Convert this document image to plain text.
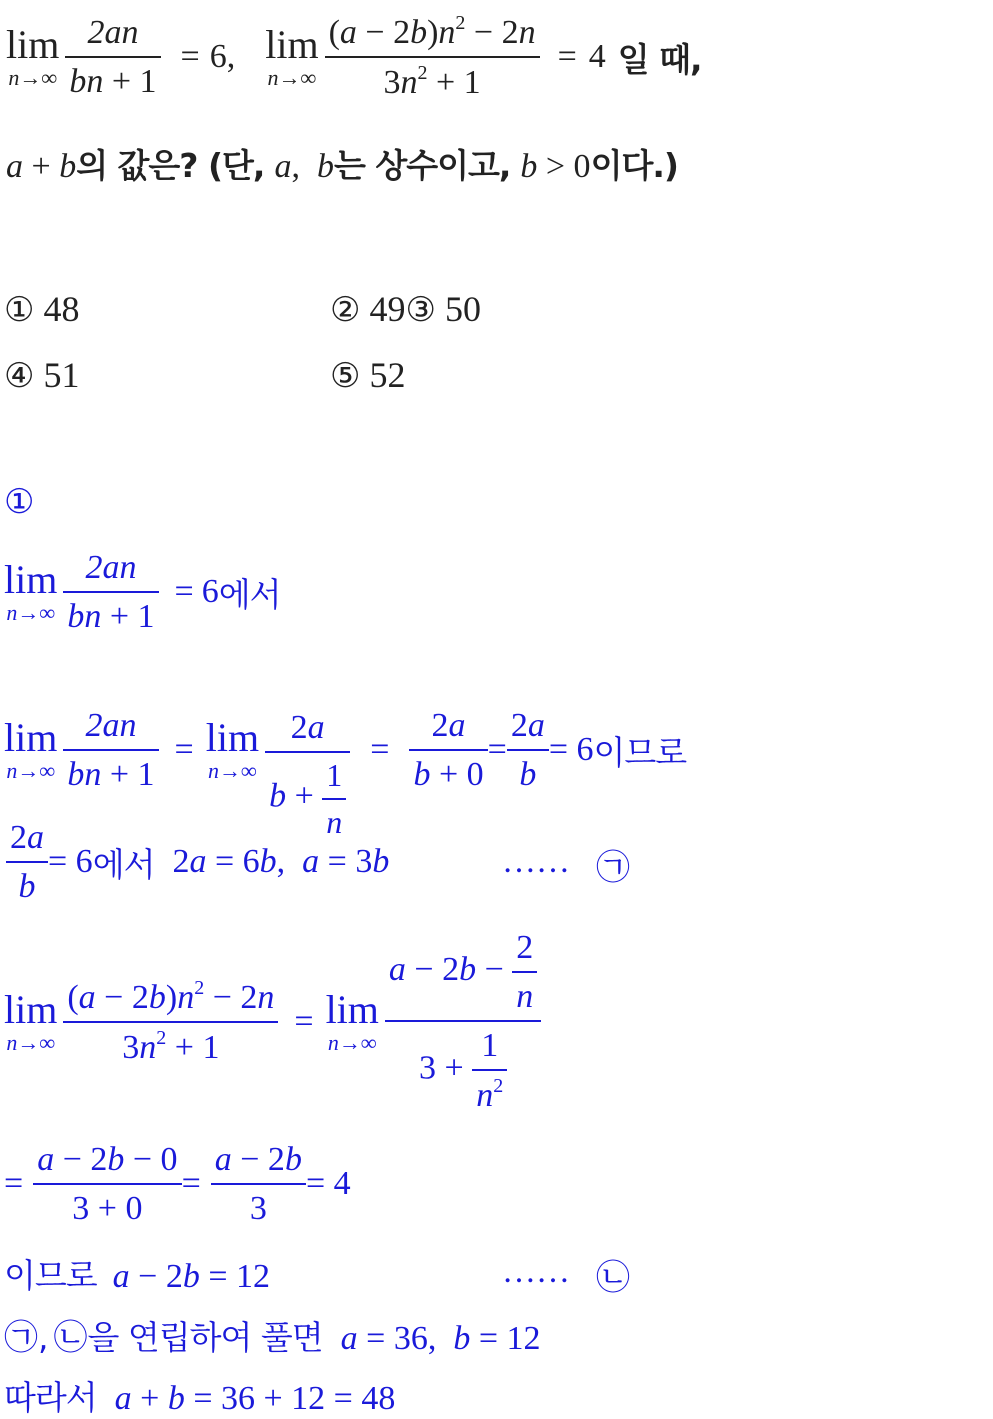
lim
$n\to\infty \frac{2an}{bn + 1} = 6$, lim
$n\to\infty \frac{(a - 2b)n^2 - 2n}{3n^2 + 1} = 4$ 일 때,
a + b 의 값은? (단, a,  b 는 상수이고, b > 0 이다.)
① 48	② 49③ 50
④ 51	⑤ 52
①
lim
$n\to\infty \frac{2an}{bn + 1} = 6$ 에서
lim
$n\to\infty \frac{2an}{bn + 1} = \lim$
$n\to\infty \frac{2a}{b + \frac{1}{n}} = \frac{2a}{b + 0} = \frac{2a}{b} = 6$ 이므로
$\frac{2a}{b} = 6$ 에서 2a = 6b,  a = 3b	…… ㉠
lim
$n\to\infty \frac{(a - 2b)n^2 - 2n}{3n^2 + 1} = \lim$
$n\to\infty \frac{a - 2b - \frac{2}{n}}{3 + \frac{1}{n^2}}$
= $\frac{a - 2b - 0}{3 + 0} = \frac{a - 2b}{3} = 4$
이므로 a − 2b = 12	…… ㉡
㉠ , ㉡ 을 연립하여 풀면 a = 36,  b = 12
따라서 a + b = 36 + 12 = 48
